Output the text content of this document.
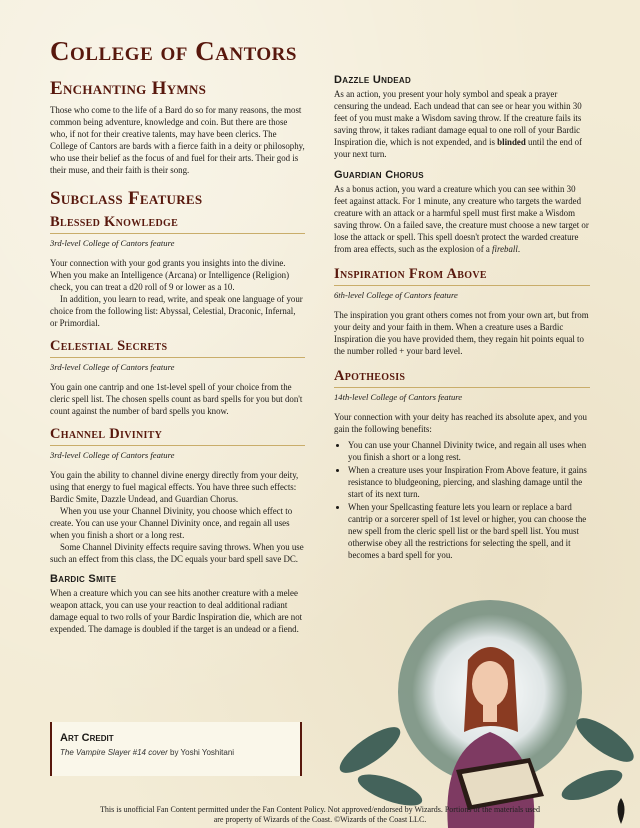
College of Cantors
Enchanting Hymns

Those who come to the life of a Bard do so for many reasons, the most common being adventure, knowledge and coin. But there are those who, if not for their creative talents, may have been clerics. The College of Cantors are bards with a fierce faith in a deity or philosophy, who use their belief as the focus of and fuel for their arts. Their god is their muse, and their faith is their song.

Subclass Features
Blessed Knowledge
3rd-level College of Cantors feature

Your connection with your god grants you insights into the divine. When you make an Intelligence (Arcana) or Intelligence (Religion) check, you can treat a d20 roll of 9 or lower as a 10.

In addition, you learn to read, write, and speak one language of your choice from the following list: Abyssal, Celestial, Draconic, Infernal, or Primordial.

Celestial Secrets
3rd-level College of Cantors feature

You gain one cantrip and one 1st-level spell of your choice from the cleric spell list. The chosen spells count as bard spells for you but don't count against the number of bard spells you know.

Channel Divinity
3rd-level College of Cantors feature

You gain the ability to channel divine energy directly from your deity, using that energy to fuel magical effects. You have three such effects: Bardic Smite, Dazzle Undead, and Guardian Chorus.

When you use your Channel Divinity, you choose which effect to create. You can use your Channel Divinity once, and regain all uses when you finish a short or a long rest.

Some Channel Divinity effects require saving throws. When you use such an effect from this class, the DC equals your bard spell save DC.

Bardic Smite

When a creature which you can see hits another creature with a melee weapon attack, you can use your reaction to deal additional radiant damage equal to two rolls of your Bardic Inspiration die, which are not expended. The damage is doubled if the target is an undead or a fiend.

Dazzle Undead

As an action, you present your holy symbol and speak a prayer censuring the undead. Each undead that can see or hear you within 30 feet of you must make a Wisdom saving throw. If the creature fails its saving throw, it takes radiant damage equal to one roll of your Bardic Inspiration die, which is not expended, and is blinded until the end of your next turn.

Guardian Chorus

As a bonus action, you ward a creature which you can see within 30 feet against attack. For 1 minute, any creature who targets the warded creature with an attack or a harmful spell must first make a Wisdom saving throw. On a failed save, the creature must choose a new target or lose the attack or spell. This spell doesn't protect the warded creature from area effects, such as the explosion of a fireball.

Inspiration From Above
6th-level College of Cantors feature

The inspiration you grant others comes not from your own art, but from your deity and your faith in them. When a creature uses a Bardic Inspiration die you have provided them, they regain hit points equal to the number rolled + your bard level.

Apotheosis
14th-level College of Cantors feature

Your connection with your deity has reached its absolute apex, and you gain the following benefits:

• You can use your Channel Divinity twice, and regain all uses when you finish a short or a long rest.
• When a creature uses your Inspiration From Above feature, it gains resistance to bludgeoning, piercing, and slashing damage until the start of its next turn.
• When your Spellcasting feature lets you learn or replace a bard cantrip or a sorcerer spell of 1st level or higher, you can choose the new spell from the cleric spell list or the bard spell list. You must otherwise obey all the restrictions for selecting the spell, and it becomes a bard spell for you.
Art Credit
The Vampire Slayer #14 cover by Yoshi Yoshitani
This is unofficial Fan Content permitted under the Fan Content Policy. Not approved/endorsed by Wizards. Portions of the materials used
are property of Wizards of the Coast. ©Wizards of the Coast LLC.
